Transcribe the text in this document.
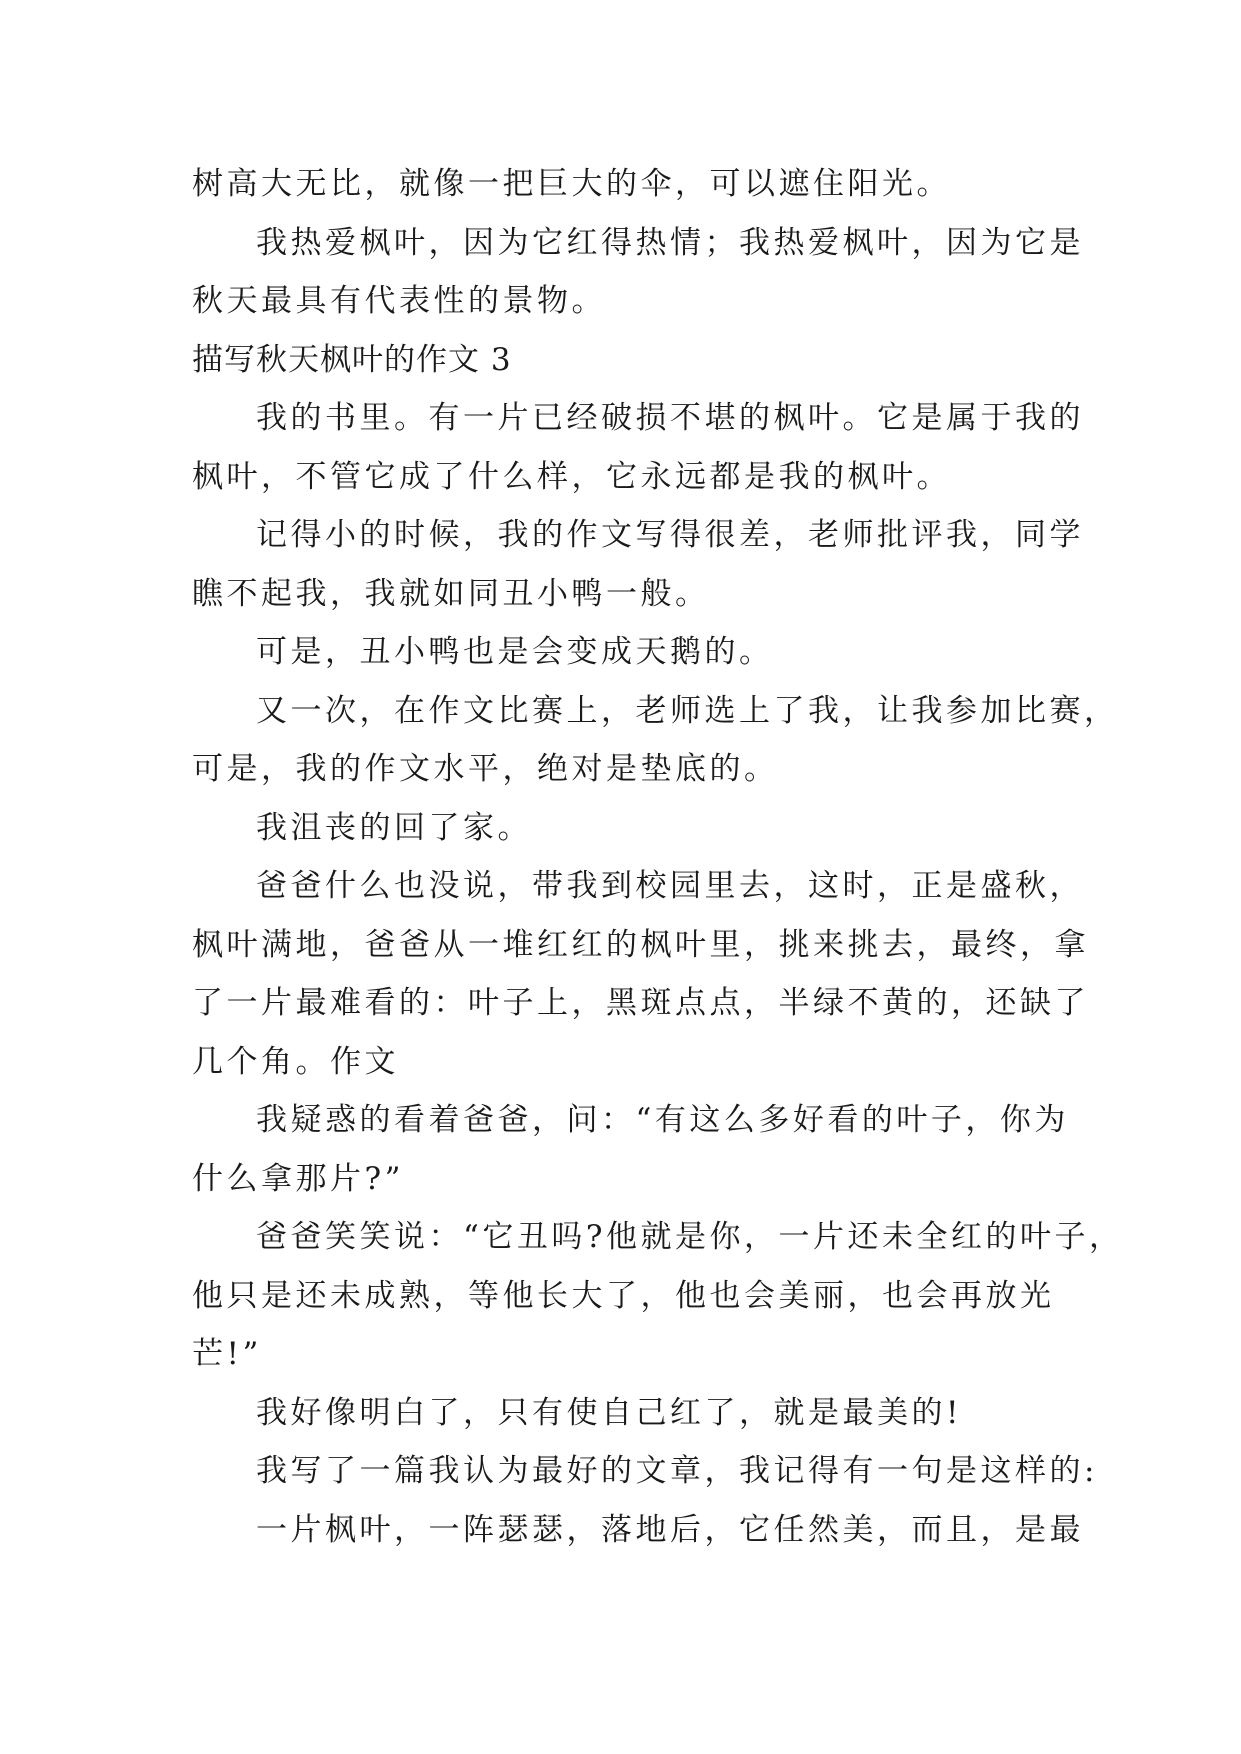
树高大无比，就像一把巨大的伞，可以遮住阳光。
我热爱枫叶，因为它红得热情；我热爱枫叶，因为它是
秋天最具有代表性的景物。
描写秋天枫叶的作文 3
我的书里。有一片已经破损不堪的枫叶。它是属于我的
枫叶，不管它成了什么样，它永远都是我的枫叶。
记得小的时候，我的作文写得很差，老师批评我，同学
瞧不起我，我就如同丑小鸭一般。
可是，丑小鸭也是会变成天鹅的。
又一次，在作文比赛上，老师选上了我，让我参加比赛，
可是，我的作文水平，绝对是垫底的。
我沮丧的回了家。
爸爸什么也没说，带我到校园里去，这时，正是盛秋，
枫叶满地，爸爸从一堆红红的枫叶里，挑来挑去，最终，拿
了一片最难看的：叶子上，黑斑点点，半绿不黄的，还缺了
几个角。作文
我疑惑的看着爸爸，问：“有这么多好看的叶子，你为
什么拿那片?”
爸爸笑笑说：“它丑吗?他就是你，一片还未全红的叶子，
他只是还未成熟，等他长大了，他也会美丽，也会再放光
芒!”
我好像明白了，只有使自己红了，就是最美的!
我写了一篇我认为最好的文章，我记得有一句是这样的:
一片枫叶，一阵瑟瑟，落地后，它任然美，而且，是最
